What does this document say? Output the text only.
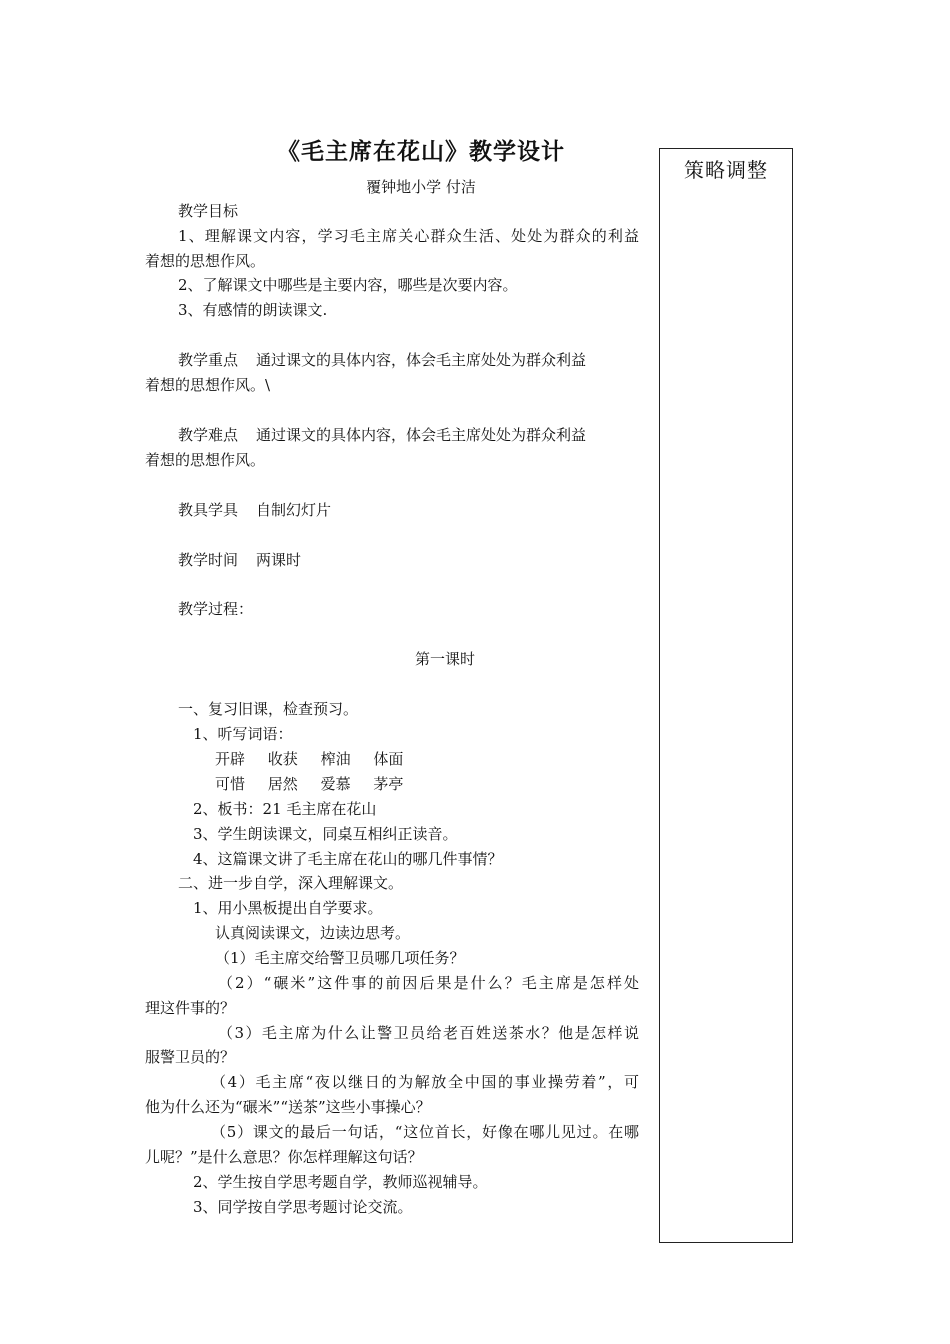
《毛主席在花山》教学设计
覆钟地小学 付洁
策略调整
教学目标
1、理解课文内容，学习毛主席关心群众生活、处处为群众的利益
着想的思想作风。
2、了解课文中哪些是主要内容，哪些是次要内容。
3、有感情的朗读课文.
教学重点 通过课文的具体内容，体会毛主席处处为群众利益
着想的思想作风。\
教学难点 通过课文的具体内容，体会毛主席处处为群众利益
着想的思想作风。
教具学具 自制幻灯片
教学时间 两课时
教学过程：
第一课时
一、复习旧课，检查预习。
1、听写词语：
开辟 收获 榨油 体面
可惜 居然 爱慕 茅亭
2、板书：21 毛主席在花山
3、学生朗读课文，同桌互相纠正读音。
4、这篇课文讲了毛主席在花山的哪几件事情？
二、进一步自学，深入理解课文。
1、用小黑板提出自学要求。
认真阅读课文，边读边思考。
（1）毛主席交给警卫员哪几项任务？
（2）“碾米”这件事的前因后果是什么？毛主席是怎样处
理这件事的？
（3）毛主席为什么让警卫员给老百姓送茶水？他是怎样说
服警卫员的？
（4）毛主席“夜以继日的为解放全中国的事业操劳着”，可
他为什么还为“碾米”“送茶”这些小事操心？
（5）课文的最后一句话，“这位首长，好像在哪儿见过。在哪
儿呢？”是什么意思？你怎样理解这句话？
2、学生按自学思考题自学，教师巡视辅导。
3、同学按自学思考题讨论交流。
